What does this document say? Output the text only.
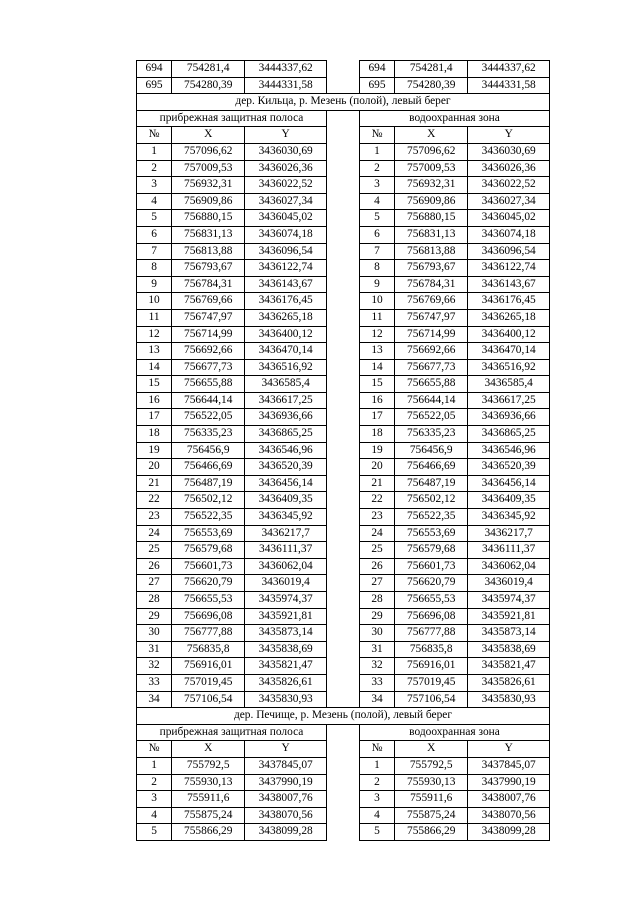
694	754281,4	3444337,62		694	754281,4	3444337,62
695	754280,39	3444331,58		695	754280,39	3444331,58
дер. Кильца, р. Мезень (полой), левый берег						
прибрежная защитная полоса				водоохранная зона		
№	X	Y		№	X	Y
1	757096,62	3436030,69		1	757096,62	3436030,69
2	757009,53	3436026,36		2	757009,53	3436026,36
3	756932,31	3436022,52		3	756932,31	3436022,52
4	756909,86	3436027,34		4	756909,86	3436027,34
5	756880,15	3436045,02		5	756880,15	3436045,02
6	756831,13	3436074,18		6	756831,13	3436074,18
7	756813,88	3436096,54		7	756813,88	3436096,54
8	756793,67	3436122,74		8	756793,67	3436122,74
9	756784,31	3436143,67		9	756784,31	3436143,67
10	756769,66	3436176,45		10	756769,66	3436176,45
11	756747,97	3436265,18		11	756747,97	3436265,18
12	756714,99	3436400,12		12	756714,99	3436400,12
13	756692,66	3436470,14		13	756692,66	3436470,14
14	756677,73	3436516,92		14	756677,73	3436516,92
15	756655,88	3436585,4		15	756655,88	3436585,4
16	756644,14	3436617,25		16	756644,14	3436617,25
17	756522,05	3436936,66		17	756522,05	3436936,66
18	756335,23	3436865,25		18	756335,23	3436865,25
19	756456,9	3436546,96		19	756456,9	3436546,96
20	756466,69	3436520,39		20	756466,69	3436520,39
21	756487,19	3436456,14		21	756487,19	3436456,14
22	756502,12	3436409,35		22	756502,12	3436409,35
23	756522,35	3436345,92		23	756522,35	3436345,92
24	756553,69	3436217,7		24	756553,69	3436217,7
25	756579,68	3436111,37		25	756579,68	3436111,37
26	756601,73	3436062,04		26	756601,73	3436062,04
27	756620,79	3436019,4		27	756620,79	3436019,4
28	756655,53	3435974,37		28	756655,53	3435974,37
29	756696,08	3435921,81		29	756696,08	3435921,81
30	756777,88	3435873,14		30	756777,88	3435873,14
31	756835,8	3435838,69		31	756835,8	3435838,69
32	756916,01	3435821,47		32	756916,01	3435821,47
33	757019,45	3435826,61		33	757019,45	3435826,61
34	757106,54	3435830,93		34	757106,54	3435830,93
дер. Печище, р. Мезень (полой), левый берег						
прибрежная защитная полоса				водоохранная зона		
№	X	Y		№	X	Y
1	755792,5	3437845,07		1	755792,5	3437845,07
2	755930,13	3437990,19		2	755930,13	3437990,19
3	755911,6	3438007,76		3	755911,6	3438007,76
4	755875,24	3438070,56		4	755875,24	3438070,56
5	755866,29	3438099,28		5	755866,29	3438099,28
